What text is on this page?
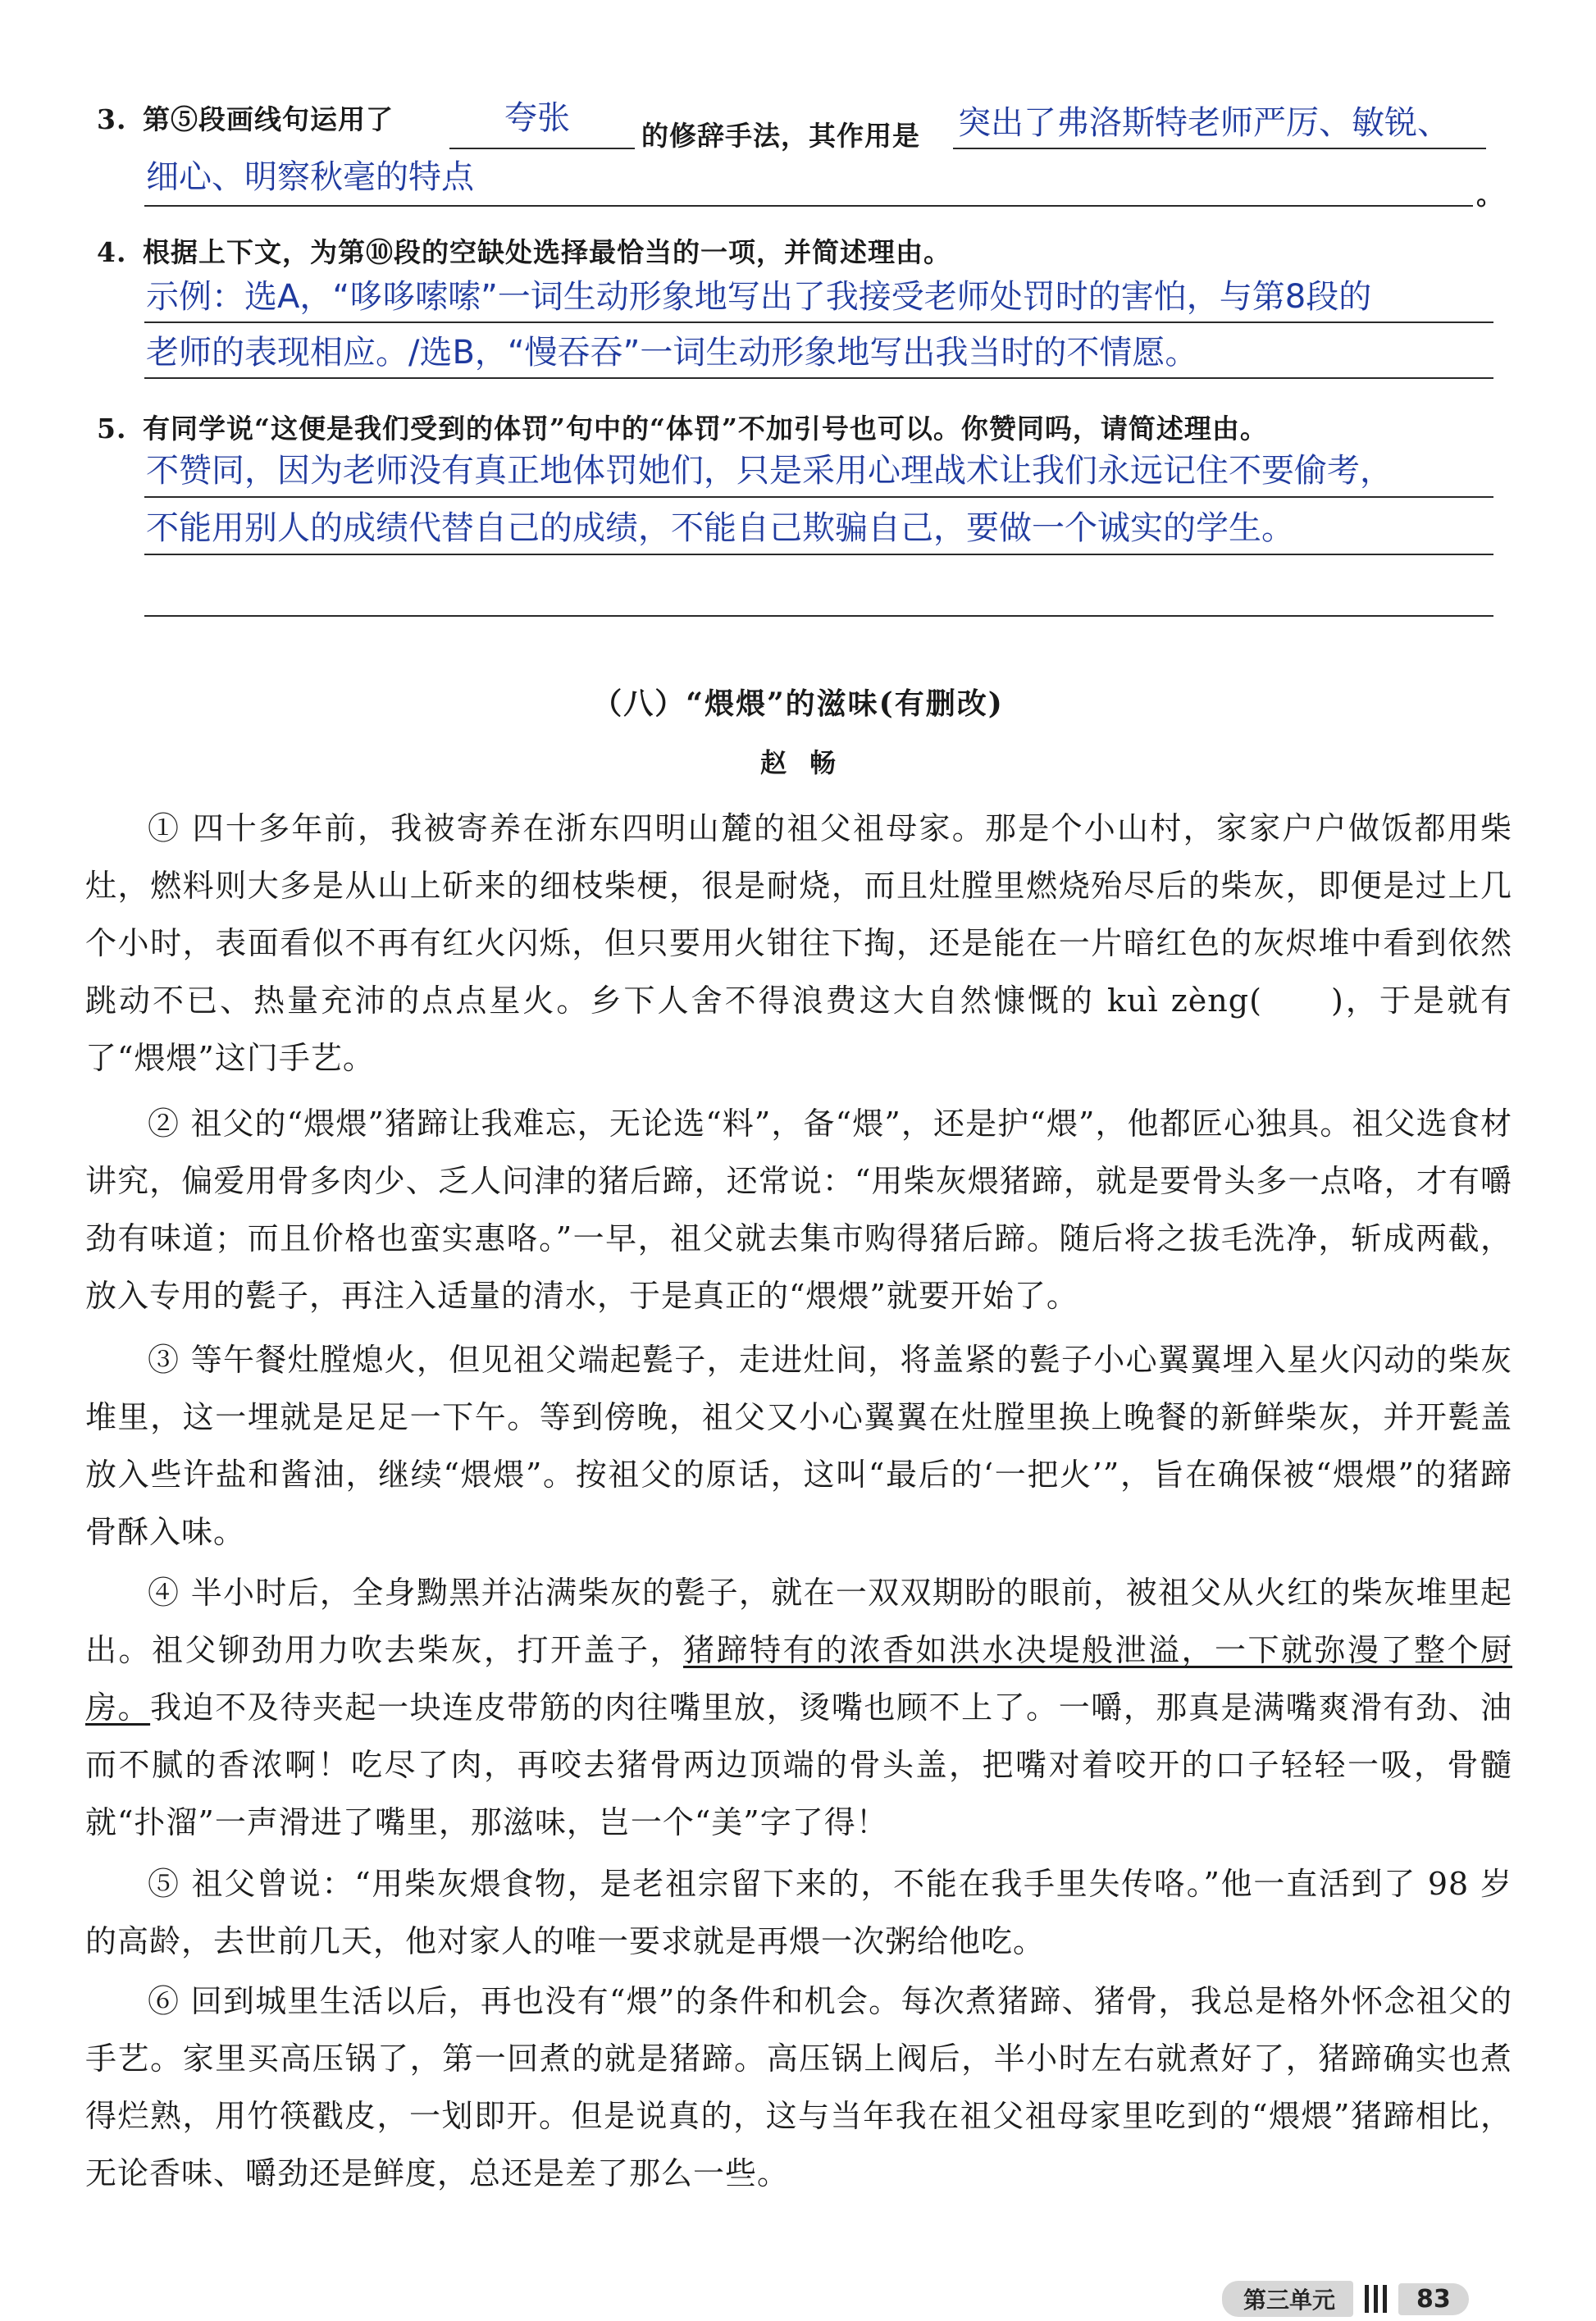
3. 第⑤段画线句运用了	夸张	的修辞手法，其作用是 突出了弗洛斯特老师严厉、敏锐、
细心、明察秋毫的特点	。
4. 根据上下文，为第⑩段的空缺处选择最恰当的一项，并简述理由。
示例：选A，“哆哆嗦嗦”一词生动形象地写出了我接受老师处罚时的害怕，与第8段的
老师的表现相应。/选B，“慢吞吞”一词生动形象地写出我当时的不情愿。
5. 有同学说“这便是我们受到的体罚”句中的“体罚”不加引号也可以。你赞同吗，请简述理由。
不赞同，因为老师没有真正地体罚她们，只是采用心理战术让我们永远记住不要偷考，
不能用别人的成绩代替自己的成绩，不能自己欺骗自己，要做一个诚实的学生。
（八）“煨煨”的滋味(有删改)
赵畅
① 四十多年前，我被寄养在浙东四明山麓的祖父祖母家。那是个小山村，家家户户做饭都用柴灶，燃料则大多是从山上斫来的细枝柴梗，很是耐烧，而且灶膛里燃烧殆尽后的柴灰，即便是过上几个小时，表面看似不再有红火闪烁，但只要用火钳往下掏，还是能在一片暗红色的灰烬堆中看到依然跳动不已、热量充沛的点点星火。乡下人舍不得浪费这大自然慷慨的 kuì zèng(　　)，于是就有了“煨煨”这门手艺。
② 祖父的“煨煨”猪蹄让我难忘，无论选“料”，备“煨”，还是护“煨”，他都匠心独具。祖父选食材讲究，偏爱用骨多肉少、乏人问津的猪后蹄，还常说：“用柴灰煨猪蹄，就是要骨头多一点咯，才有嚼劲有味道；而且价格也蛮实惠咯。”一早，祖父就去集市购得猪后蹄。随后将之拔毛洗净，斩成两截，放入专用的甏子，再注入适量的清水，于是真正的“煨煨”就要开始了。
③ 等午餐灶膛熄火，但见祖父端起甏子，走进灶间，将盖紧的甏子小心翼翼埋入星火闪动的柴灰堆里，这一埋就是足足一下午。等到傍晚，祖父又小心翼翼在灶膛里换上晚餐的新鲜柴灰，并开甏盖放入些许盐和酱油，继续“煨煨”。按祖父的原话，这叫“最后的‘一把火’”，旨在确保被“煨煨”的猪蹄骨酥入味。
④ 半小时后，全身黝黑并沾满柴灰的甏子，就在一双双期盼的眼前，被祖父从火红的柴灰堆里起出。祖父铆劲用力吹去柴灰，打开盖子，猪蹄特有的浓香如洪水决堤般泄溢，一下就弥漫了整个厨房。我迫不及待夹起一块连皮带筋的肉往嘴里放，烫嘴也顾不上了。一嚼，那真是满嘴爽滑有劲、油而不腻的香浓啊！吃尽了肉，再咬去猪骨两边顶端的骨头盖，把嘴对着咬开的口子轻轻一吸，骨髓就“扑溜”一声滑进了嘴里，那滋味，岂一个“美”字了得！
⑤ 祖父曾说：“用柴灰煨食物，是老祖宗留下来的，不能在我手里失传咯。”他一直活到了 98 岁的高龄，去世前几天，他对家人的唯一要求就是再煨一次粥给他吃。
⑥ 回到城里生活以后，再也没有“煨”的条件和机会。每次煮猪蹄、猪骨，我总是格外怀念祖父的手艺。家里买高压锅了，第一回煮的就是猪蹄。高压锅上阀后，半小时左右就煮好了，猪蹄确实也煮得烂熟，用竹筷戳皮，一划即开。但是说真的，这与当年我在祖父祖母家里吃到的“煨煨”猪蹄相比，无论香味、嚼劲还是鲜度，总还是差了那么一些。
第三单元	83
